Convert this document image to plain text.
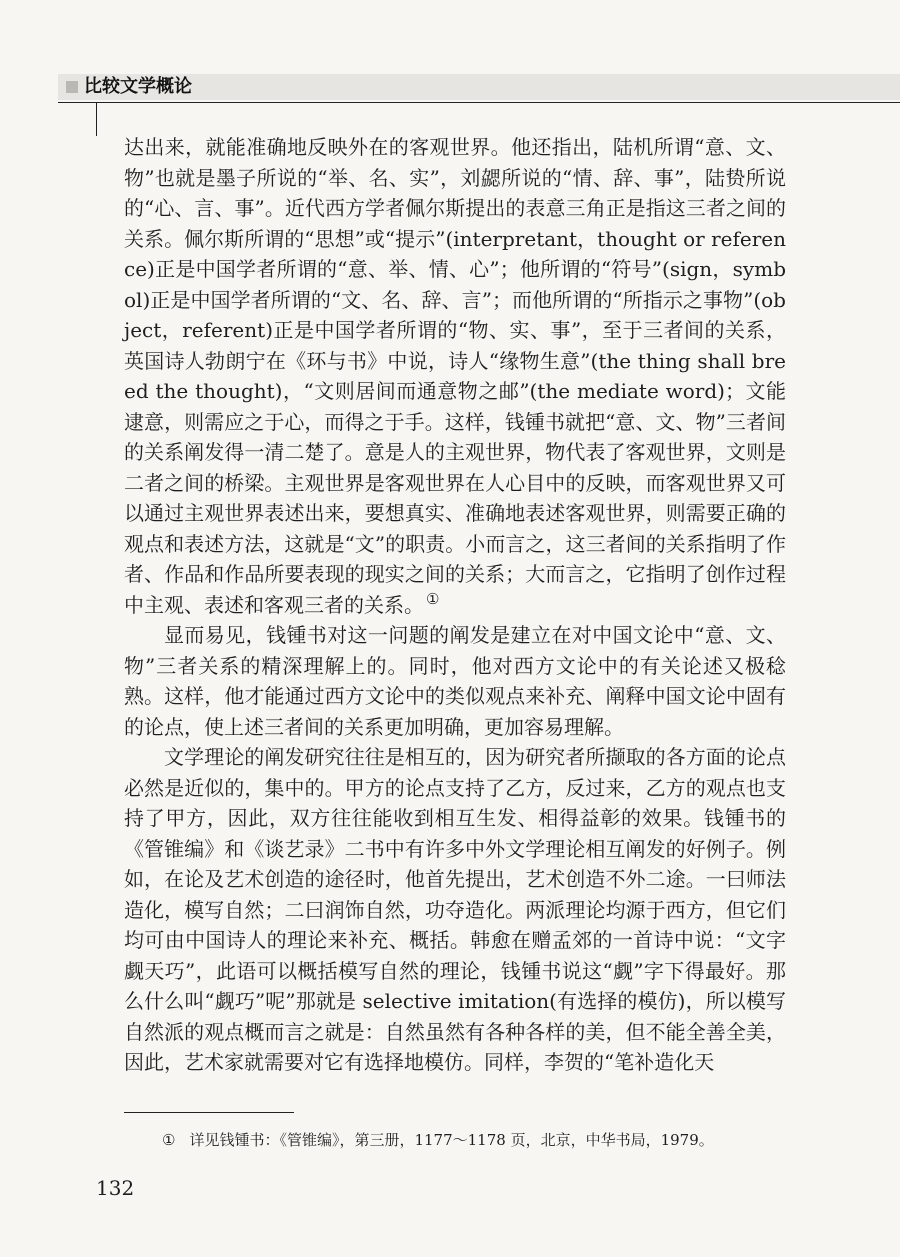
比较文学概论

达出来，就能准确地反映外在的客观世界。他还指出，陆机所谓“意、文、物”也就是墨子所说的“举、名、实”，刘勰所说的“情、辞、事”，陆贽所说的“心、言、事”。近代西方学者佩尔斯提出的表意三角正是指这三者之间的关系。佩尔斯所谓的“思想”或“提示”(interpretant，thought or reference)正是中国学者所谓的“意、举、情、心”；他所谓的“符号”(sign，symbol)正是中国学者所谓的“文、名、辞、言”；而他所谓的“所指示之事物”(object，referent)正是中国学者所谓的“物、实、事”，至于三者间的关系，英国诗人勃朗宁在《环与书》中说，诗人“缘物生意”(the thing shall breed the thought)，“文则居间而通意物之邮”(the mediate word)；文能逮意，则需应之于心，而得之于手。这样，钱锺书就把“意、文、物”三者间的关系阐发得一清二楚了。意是人的主观世界，物代表了客观世界，文则是二者之间的桥梁。主观世界是客观世界在人心目中的反映，而客观世界又可以通过主观世界表述出来，要想真实、准确地表述客观世界，则需要正确的观点和表述方法，这就是“文”的职责。小而言之，这三者间的关系指明了作者、作品和作品所要表现的现实之间的关系；大而言之，它指明了创作过程中主观、表述和客观三者的关系。 ①

显而易见，钱锺书对这一问题的阐发是建立在对中国文论中“意、文、物”三者关系的精深理解上的。同时，他对西方文论中的有关论述又极稔熟。这样，他才能通过西方文论中的类似观点来补充、阐释中国文论中固有的论点，使上述三者间的关系更加明确，更加容易理解。

文学理论的阐发研究往往是相互的，因为研究者所撷取的各方面的论点必然是近似的，集中的。甲方的论点支持了乙方，反过来，乙方的观点也支持了甲方，因此，双方往往能收到相互生发、相得益彰的效果。钱锺书的《管锥编》和《谈艺录》二书中有许多中外文学理论相互阐发的好例子。例如，在论及艺术创造的途径时，他首先提出，艺术创造不外二途。一曰师法造化，模写自然；二曰润饰自然，功夺造化。两派理论均源于西方，但它们均可由中国诗人的理论来补充、概括。韩愈在赠孟郊的一首诗中说：“文字觑天巧”，此语可以概括模写自然的理论，钱锺书说这“觑”字下得最好。那么什么叫“觑巧”呢”那就是 selective imitation(有选择的模仿)，所以模写自然派的观点概而言之就是：自然虽然有各种各样的美，但不能全善全美，因此，艺术家就需要对它有选择地模仿。同样，李贺的“笔补造化天

① 详见钱锺书：《管锥编》，第三册，1177～1178 页，北京，中华书局，1979。
132
